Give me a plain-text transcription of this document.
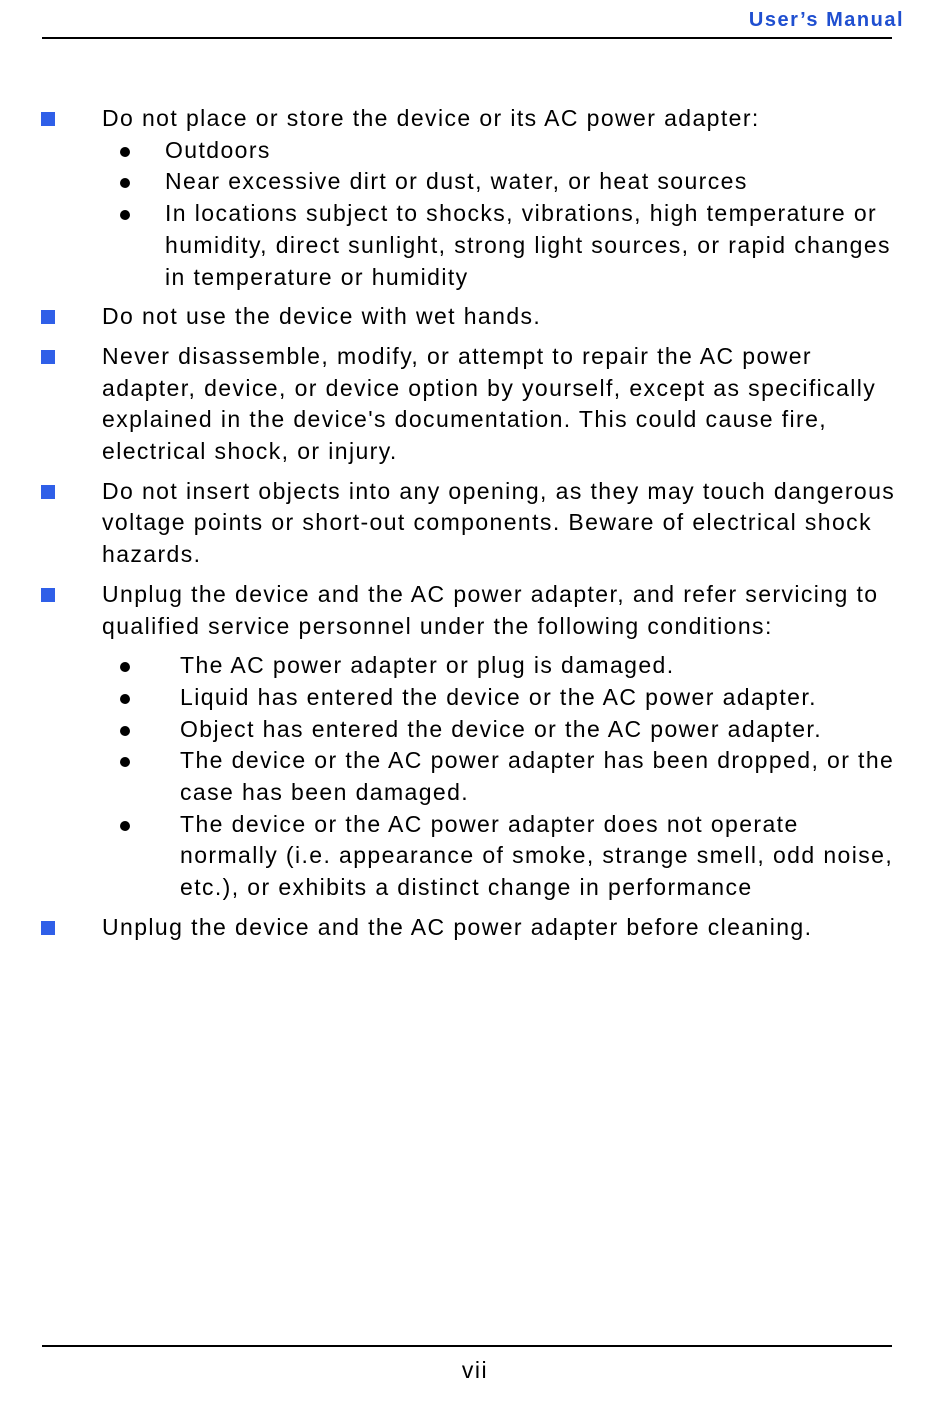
User’s Manual
Do not place or store the device or its AC power adapter:
Outdoors
Near excessive dirt or dust, water, or heat sources
In locations subject to shocks, vibrations, high temperature or humidity, direct sunlight, strong light sources, or rapid changes in temperature or humidity
Do not use the device with wet hands.
Never disassemble, modify, or attempt to repair the AC power adapter, device, or device option by yourself, except as specifically explained in the device's documentation. This could cause fire, electrical shock, or injury.
Do not insert objects into any opening, as they may touch dangerous voltage points or short-out components. Beware of electrical shock hazards.
Unplug the device and the AC power adapter, and refer servicing to qualified service personnel under the following conditions:
The AC power adapter or plug is damaged.
Liquid has entered the device or the AC power adapter.
Object has entered the device or the AC power adapter.
The device or the AC power adapter has been dropped, or the case has been damaged.
The device or the AC power adapter does not operate normally (i.e. appearance of smoke, strange smell, odd noise, etc.), or exhibits a distinct change in performance
Unplug the device and the AC power adapter before cleaning.
vii
